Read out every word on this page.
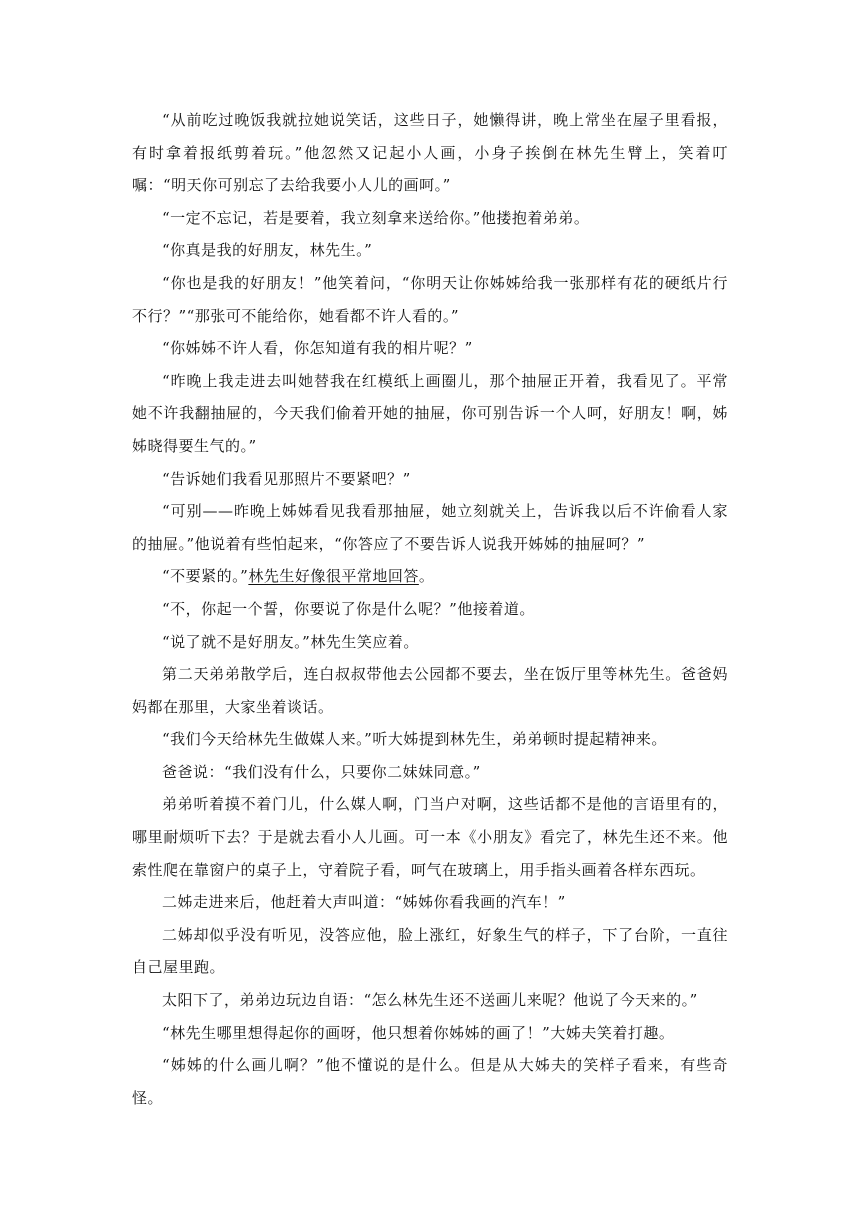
“从前吃过晚饭我就拉她说笑话，这些日子，她懒得讲，晚上常坐在屋子里看报，有时拿着报纸剪着玩。”他忽然又记起小人画，小身子挨倒在林先生臂上，笑着叮嘱：“明天你可别忘了去给我要小人儿的画呵。”

“一定不忘记，若是要着，我立刻拿来送给你。”他搂抱着弟弟。

“你真是我的好朋友，林先生。”

“你也是我的好朋友！”他笑着问，“你明天让你姊姊给我一张那样有花的硬纸片行不行？”“那张可不能给你，她看都不许人看的。”

“你姊姊不许人看，你怎知道有我的相片呢？”

“昨晚上我走进去叫她替我在红模纸上画圈儿，那个抽屉正开着，我看见了。平常她不许我翻抽屉的，今天我们偷着开她的抽屉，你可别告诉一个人呵，好朋友！啊，姊姊晓得要生气的。”

“告诉她们我看见那照片不要紧吧？”

“可别——昨晚上姊姊看见我看那抽屉，她立刻就关上，告诉我以后不许偷看人家的抽屉。”他说着有些怕起来，“你答应了不要告诉人说我开姊姊的抽屉呵？”

“不要紧的。”林先生好像很平常地回答。

“不，你起一个誓，你要说了你是什么呢？”他接着道。

“说了就不是好朋友。”林先生笑应着。

第二天弟弟散学后，连白叔叔带他去公园都不要去，坐在饭厅里等林先生。爸爸妈妈都在那里，大家坐着谈话。

“我们今天给林先生做媒人来。”听大姊提到林先生，弟弟顿时提起精神来。

爸爸说：“我们没有什么，只要你二妹妹同意。”

弟弟听着摸不着门儿，什么媒人啊，门当户对啊，这些话都不是他的言语里有的，哪里耐烦听下去？于是就去看小人儿画。可一本《小朋友》看完了，林先生还不来。他索性爬在靠窗户的桌子上，守着院子看，呵气在玻璃上，用手指头画着各样东西玩。

二姊走进来后，他赶着大声叫道：“姊姊你看我画的汽车！”

二姊却似乎没有听见，没答应他，脸上涨红，好象生气的样子，下了台阶，一直往自己屋里跑。

太阳下了，弟弟边玩边自语：“怎么林先生还不送画儿来呢？他说了今天来的。”

“林先生哪里想得起你的画呀，他只想着你姊姊的画了！”大姊夫笑着打趣。

“姊姊的什么画儿啊？”他不懂说的是什么。但是从大姊夫的笑样子看来，有些奇怪。
